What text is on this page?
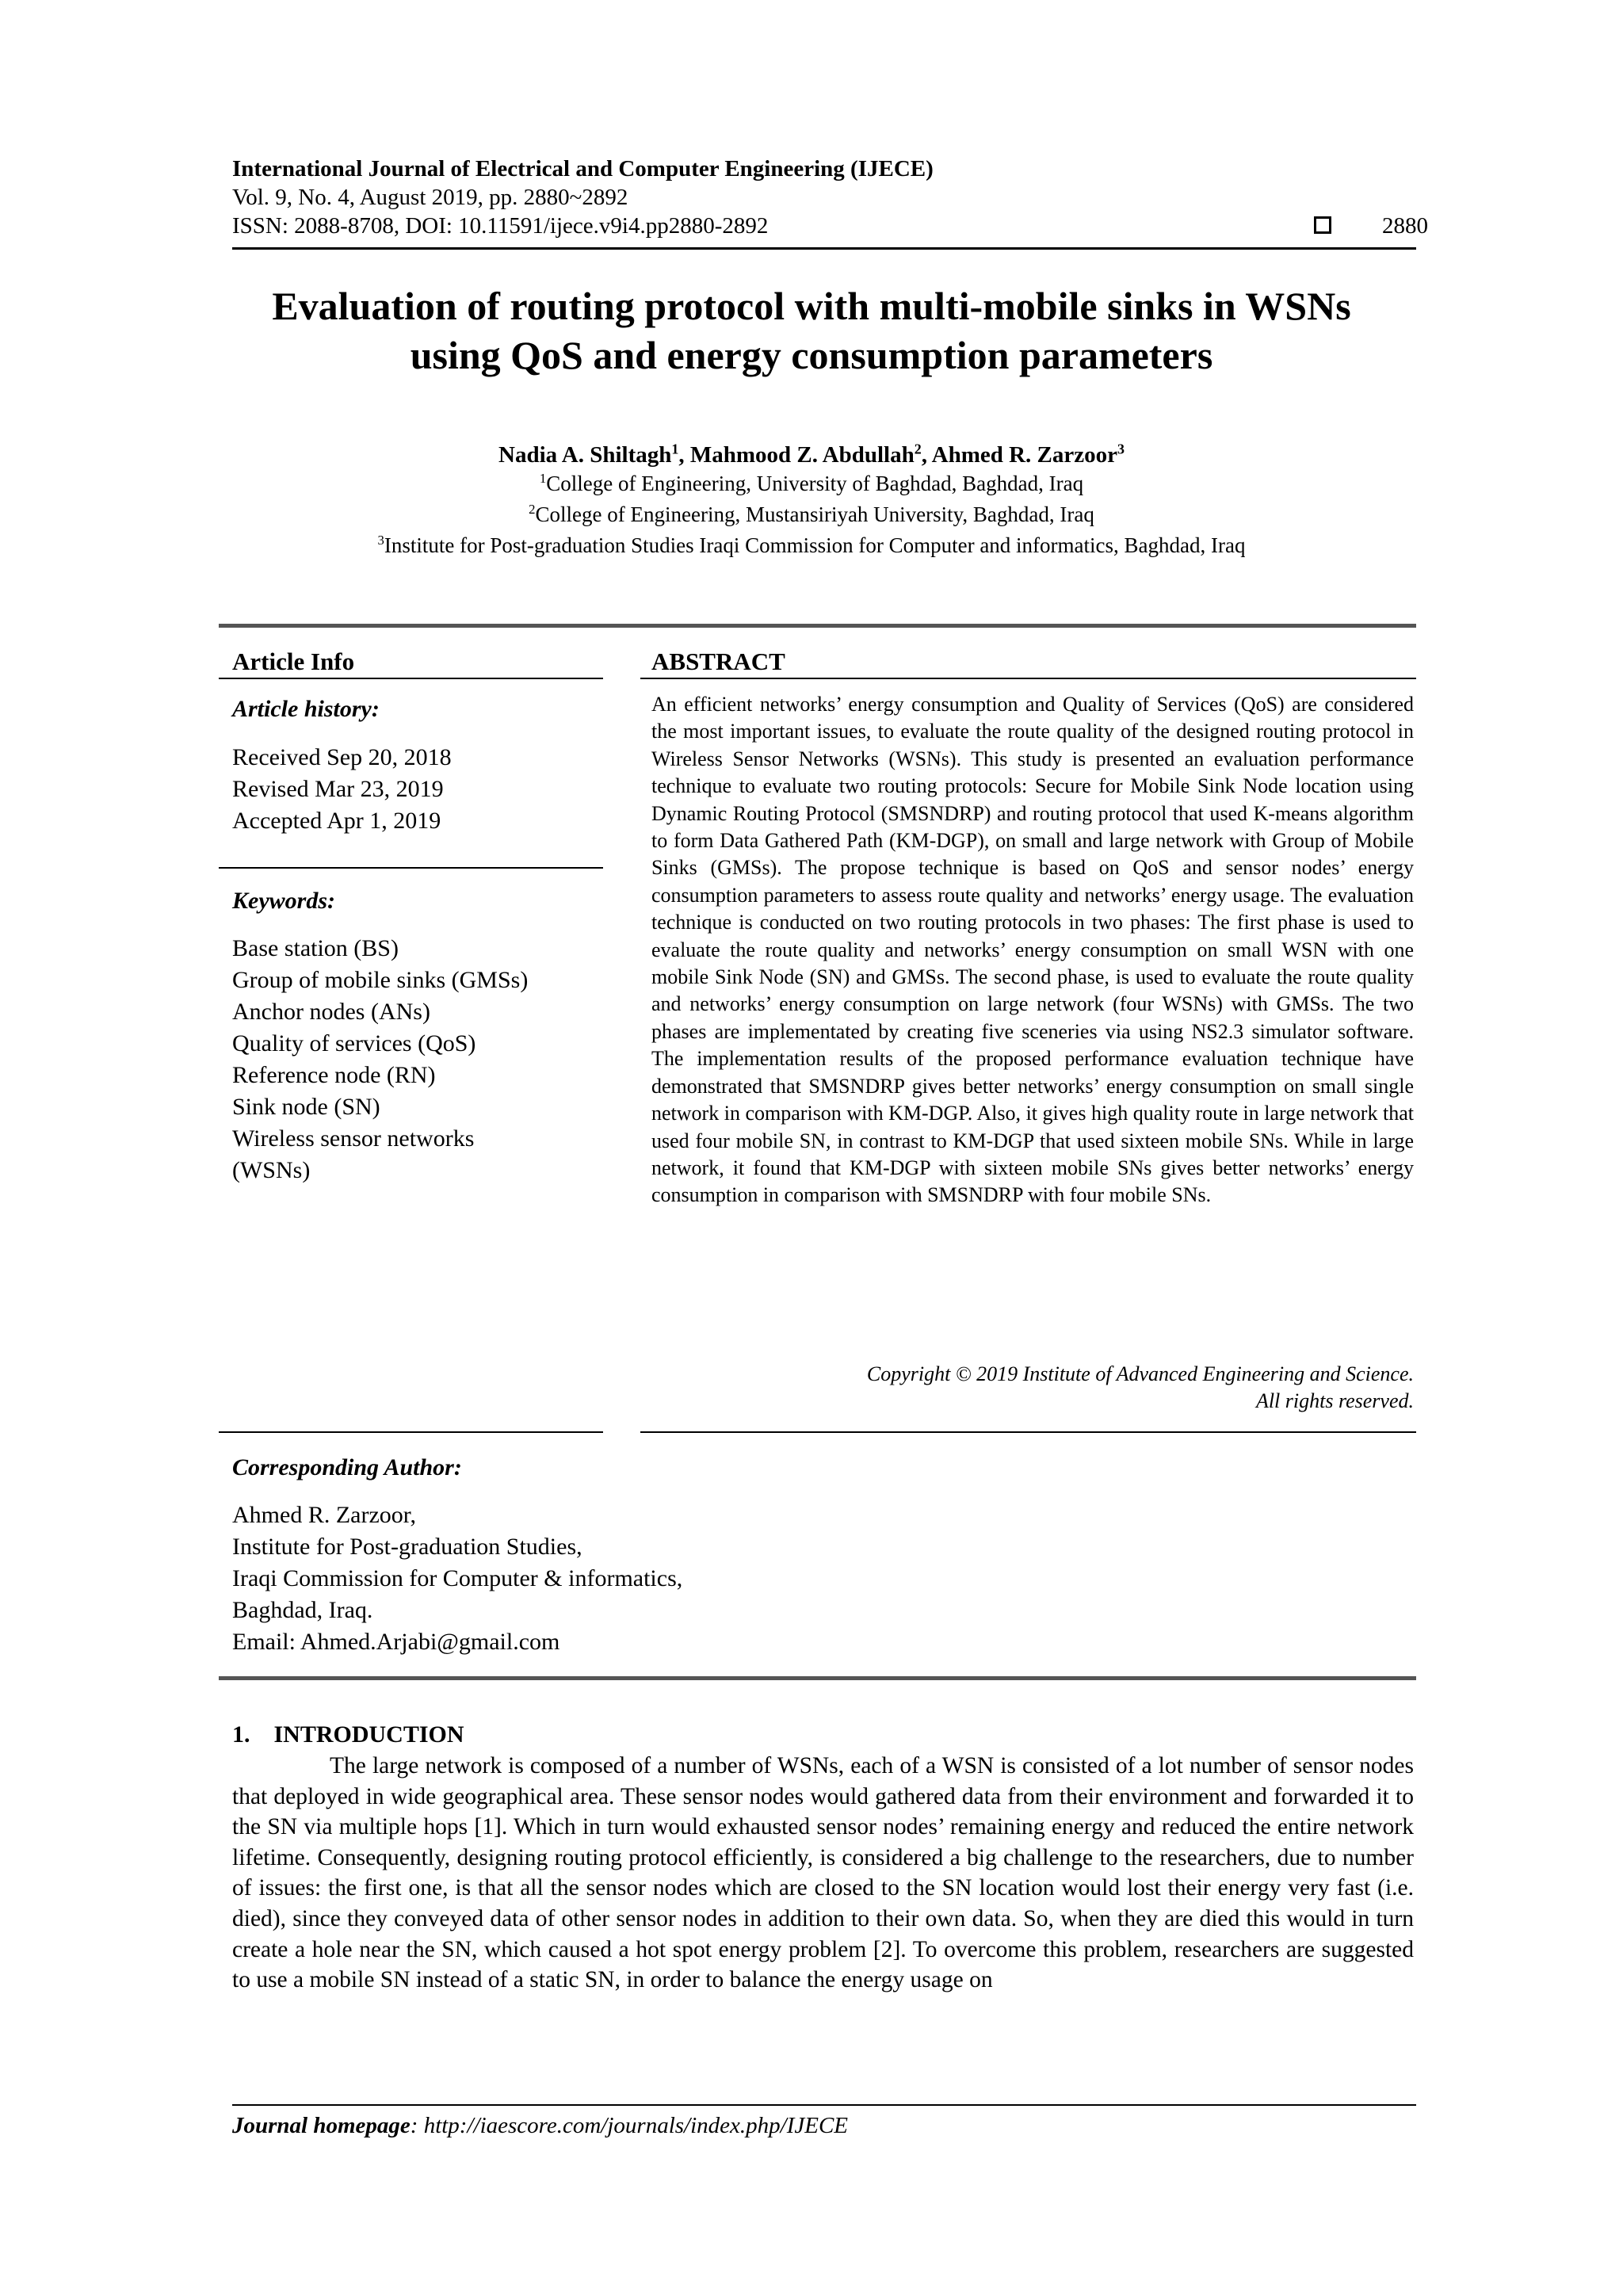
International Journal of Electrical and Computer Engineering (IJECE)
Vol. 9, No. 4, August 2019, pp. 2880~2892
ISSN: 2088-8708, DOI: 10.11591/ijece.v9i4.pp2880-2892	2880
Evaluation of routing protocol with multi-mobile sinks in WSNs
using QoS and energy consumption parameters
Nadia A. Shiltagh$^1$, Mahmood Z. Abdullah$^2$, Ahmed R. Zarzoor$^3$
$^1$College of Engineering, University of Baghdad, Baghdad, Iraq
$^2$College of Engineering, Mustansiriyah University, Baghdad, Iraq
$^3$Institute for Post-graduation Studies Iraqi Commission for Computer and informatics, Baghdad, Iraq
Article Info
Article history:
Received Sep 20, 2018
Revised Mar 23, 2019
Accepted Apr 1, 2019
Keywords:
Base station (BS)
Group of mobile sinks (GMSs)
Anchor nodes (ANs)
Quality of services (QoS)
Reference node (RN)
Sink node (SN)
Wireless sensor networks
(WSNs)
ABSTRACT
An efficient networks’ energy consumption and Quality of Services (QoS) are considered the most important issues, to evaluate the route quality of the designed routing protocol in Wireless Sensor Networks (WSNs). This study is presented an evaluation performance technique to evaluate two routing protocols: Secure for Mobile Sink Node location using Dynamic Routing Protocol (SMSNDRP) and routing protocol that used K-means algorithm to form Data Gathered Path (KM-DGP), on small and large network with Group of Mobile Sinks (GMSs). The propose technique is based on QoS and sensor nodes’ energy consumption parameters to assess route quality and networks’ energy usage. The evaluation technique is conducted on two routing protocols in two phases: The first phase is used to evaluate the route quality and networks’ energy consumption on small WSN with one mobile Sink Node (SN) and GMSs. The second phase, is used to evaluate the route quality and networks’ energy consumption on large network (four WSNs) with GMSs. The two phases are implementated by creating five sceneries via using NS2.3 simulator software. The implementation results of the proposed performance evaluation technique have demonstrated that SMSNDRP gives better networks’ energy consumption on small single network in comparison with KM-DGP. Also, it gives high quality route in large network that used four mobile SN, in contrast to KM-DGP that used sixteen mobile SNs. While in large network, it found that KM-DGP with sixteen mobile SNs gives better networks’ energy consumption in comparison with SMSNDRP with four mobile SNs.
Copyright © 2019 Institute of Advanced Engineering and Science.
All rights reserved.
Corresponding Author:
Ahmed R. Zarzoor,
Institute for Post-graduation Studies,
Iraqi Commission for Computer & informatics,
Baghdad, Iraq.
Email: Ahmed.Arjabi@gmail.com
1.    INTRODUCTION
The large network is composed of a number of WSNs, each of a WSN is consisted of a lot number of sensor nodes that deployed in wide geographical area. These sensor nodes would gathered data from their environment and forwarded it to the SN via multiple hops [1]. Which in turn would exhausted sensor nodes’ remaining energy and reduced the entire network lifetime. Consequently, designing routing protocol efficiently, is considered a big challenge to the researchers, due to number of issues: the first one, is that all the sensor nodes which are closed to the SN location would lost their energy very fast (i.e. died), since they conveyed data of other sensor nodes in addition to their own data. So, when they are died this would in turn create a hole near the SN, which caused a hot spot energy problem [2]. To overcome this problem, researchers are suggested to use a mobile SN instead of a static SN, in order to balance the energy usage on
Journal homepage: http://iaescore.com/journals/index.php/IJECE
